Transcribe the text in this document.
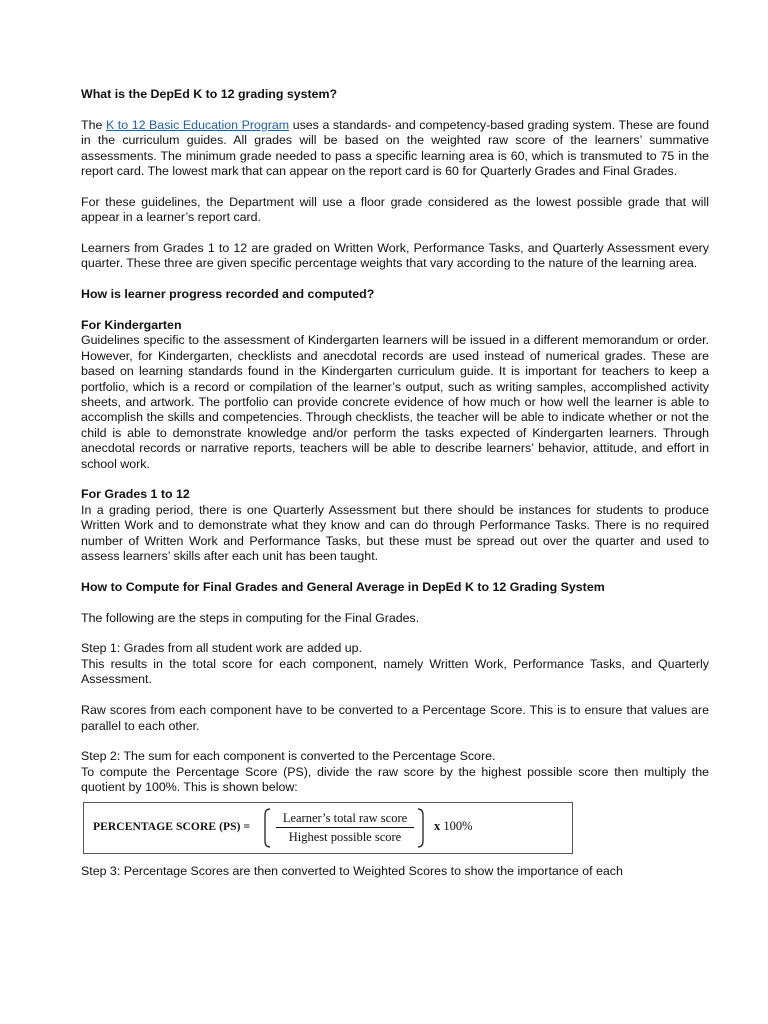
What is the DepEd K to 12 grading system?

The K to 12 Basic Education Program uses a standards- and competency-based grading system. These are found in the curriculum guides. All grades will be based on the weighted raw score of the learners’ summative assessments. The minimum grade needed to pass a specific learning area is 60, which is transmuted to 75 in the report card. The lowest mark that can appear on the report card is 60 for Quarterly Grades and Final Grades.

For these guidelines, the Department will use a floor grade considered as the lowest possible grade that will appear in a learner’s report card.

Learners from Grades 1 to 12 are graded on Written Work, Performance Tasks, and Quarterly Assessment every quarter. These three are given specific percentage weights that vary according to the nature of the learning area.

How is learner progress recorded and computed?
For Kindergarten

Guidelines specific to the assessment of Kindergarten learners will be issued in a different memorandum or order. However, for Kindergarten, checklists and anecdotal records are used instead of numerical grades. These are based on learning standards found in the Kindergarten curriculum guide. It is important for teachers to keep a portfolio, which is a record or compilation of the learner’s output, such as writing samples, accomplished activity sheets, and artwork. The portfolio can provide concrete evidence of how much or how well the learner is able to accomplish the skills and competencies. Through checklists, the teacher will be able to indicate whether or not the child is able to demonstrate knowledge and/or perform the tasks expected of Kindergarten learners. Through anecdotal records or narrative reports, teachers will be able to describe learners’ behavior, attitude, and effort in school work.

For Grades 1 to 12

In a grading period, there is one Quarterly Assessment but there should be instances for students to produce Written Work and to demonstrate what they know and can do through Performance Tasks. There is no required number of Written Work and Performance Tasks, but these must be spread out over the quarter and used to assess learners’ skills after each unit has been taught.

How to Compute for Final Grades and General Average in DepEd K to 12 Grading System

The following are the steps in computing for the Final Grades.

Step 1: Grades from all student work are added up.

This results in the total score for each component, namely Written Work, Performance Tasks, and Quarterly Assessment.

Raw scores from each component have to be converted to a Percentage Score. This is to ensure that values are parallel to each other.

Step 2: The sum for each component is converted to the Percentage Score.

To compute the Percentage Score (PS), divide the raw score by the highest possible score then multiply the quotient by 100%. This is shown below:

PERCENTAGE SCORE (PS) =
Learner’s total raw score
Highest possible score
x 100%

Step 3: Percentage Scores are then converted to Weighted Scores to show the importance of each
